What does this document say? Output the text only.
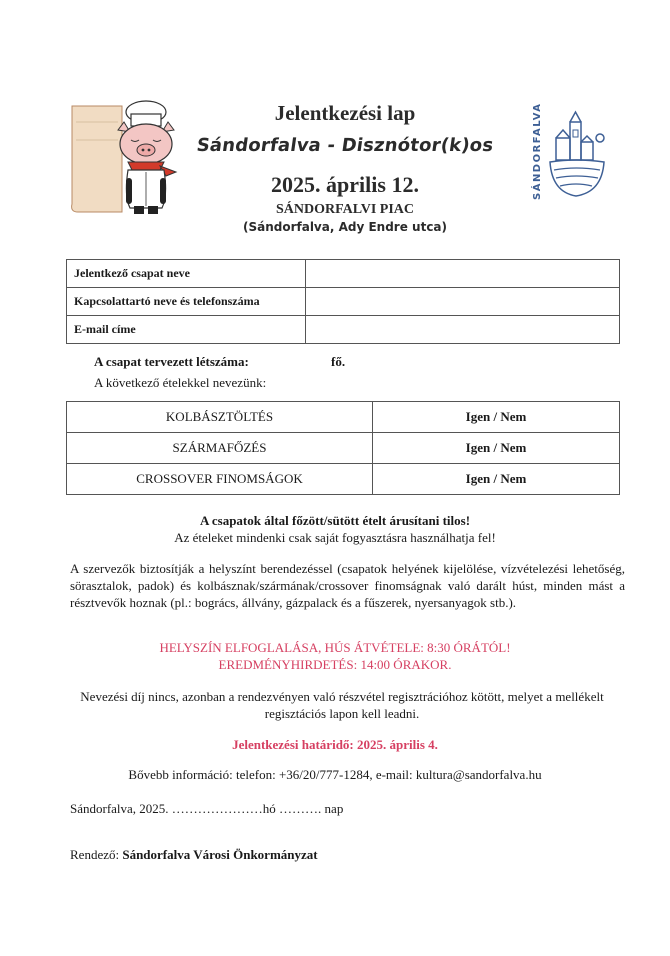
SÁNDORFALVA
Jelentkezési lap
Sándorfalva - Disznótor(k)os
2025. április 12.
SÁNDORFALVI PIAC
(Sándorfalva, Ady Endre utca)
Jelentkező csapat neve	
Kapcsolattartó neve és telefonszáma	
E-mail címe	
A csapat tervezett létszáma:	fő.
A következő ételekkel nevezünk:
KOLBÁSZTÖLTÉS	Igen / Nem
SZÁRMAFŐZÉS	Igen / Nem
CROSSOVER FINOMSÁGOK	Igen / Nem
A csapatok által főzött/sütött ételt árusítani tilos!
Az ételeket mindenki csak saját fogyasztásra használhatja fel!
A szervezők biztosítják a helyszínt berendezéssel (csapatok helyének kijelölése, vízvételezési lehetőség, sörasztalok, padok) és kolbásznak/szármának/crossover finomságnak való darált húst, minden mást a résztvevők hoznak (pl.: bogrács, állvány, gázpalack és a fűszerek, nyersanyagok stb.).
HELYSZÍN ELFOGLALÁSA, HÚS ÁTVÉTELE: 8:30 ÓRÁTÓL!
EREDMÉNYHIRDETÉS: 14:00 ÓRAKOR.
Nevezési díj nincs, azonban a rendezvényen való részvétel regisztrációhoz kötött, melyet a mellékelt regisztációs lapon kell leadni.
Jelentkezési határidő: 2025. április 4.
Bővebb információ: telefon: +36/20/777-1284, e-mail: kultura@sandorfalva.hu
Sándorfalva, 2025. …………………hó ………. nap
Rendező: Sándorfalva Városi Önkormányzat
